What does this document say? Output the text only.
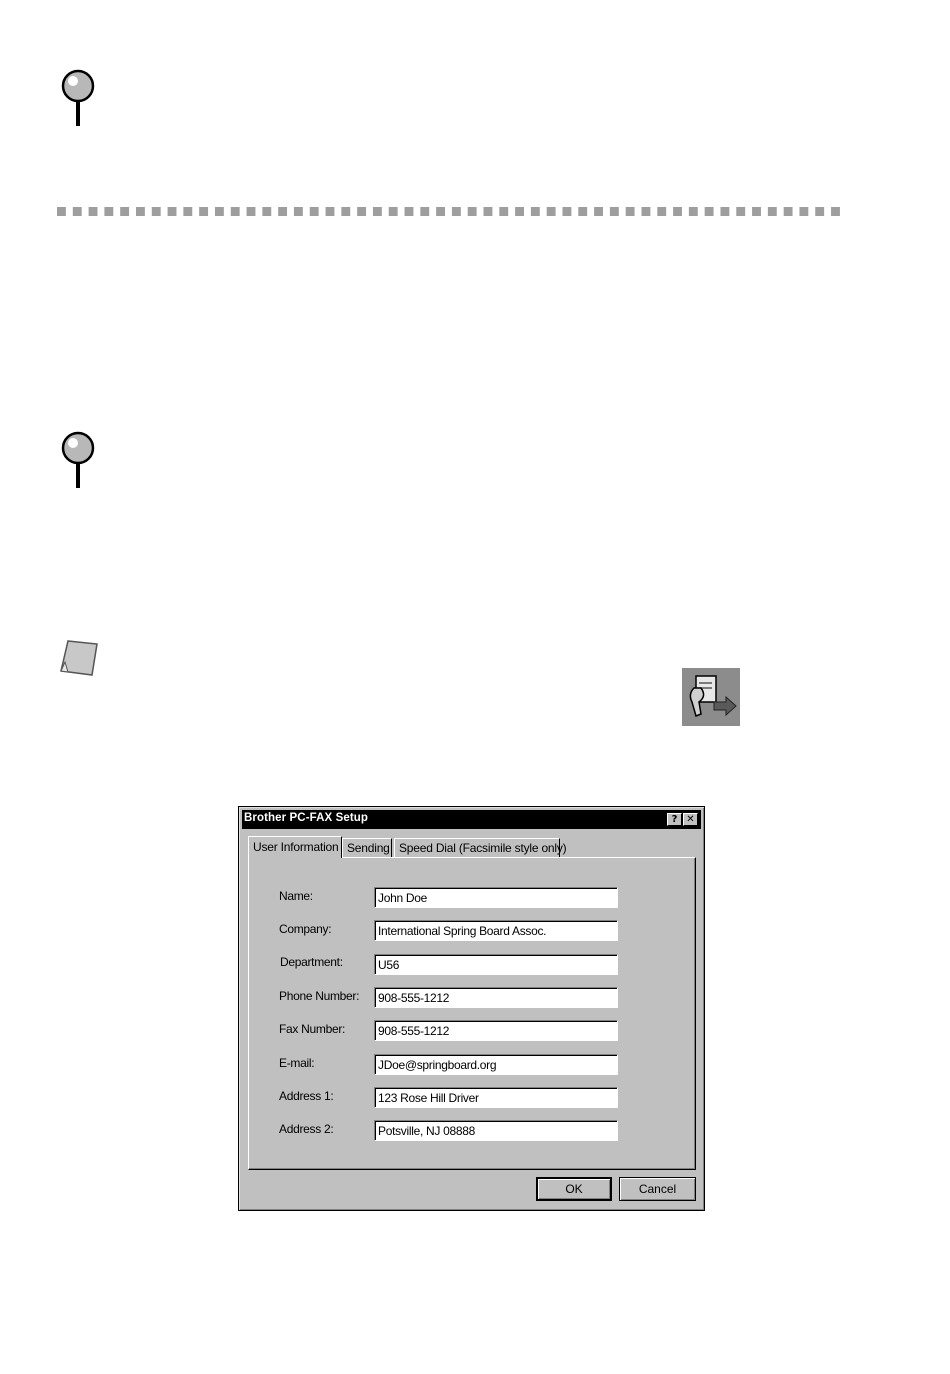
Brother PC-FAX Setup	? ✕
User Information Sending Speed Dial (Facsimile style only)
Name:
Company:
Department:
Phone Number:
Fax Number:
E-mail:
Address 1:
Address 2:
John Doe
International Spring Board Assoc.
U56
908-555-1212
908-555-1212
JDoe@springboard.org
123 Rose Hill Driver
Potsville, NJ 08888
OK	Cancel
